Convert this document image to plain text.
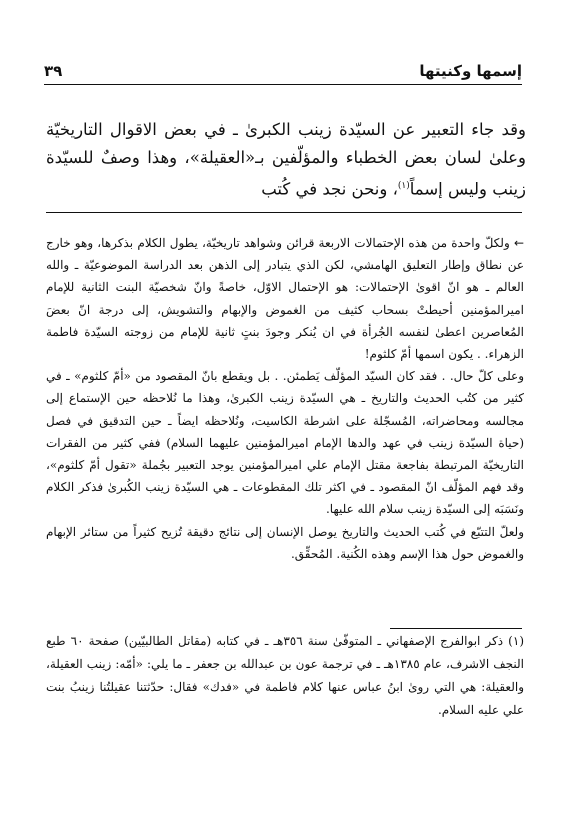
إسمها وكنيتها
٣٩
وقد جاء التعبير عن السيّدة زينب الكبرىٰ ـ في بعض الاقوال التاريخيّة وعلىٰ لسان بعض الخطباء والمؤلّفين بـ«العقيلة»، وهذا وصفٌ للسيّدة زينب وليس إسماً$^{(١)}$، ونحن نجد في كُتب
← ولكلّ واحدة من هذه الإحتمالات الاربعة قرائن وشواهد تاريخيّة، يطول الكلام بذكرها، وهو خارج عن نطاق وإطار التعليق الهامشي، لكن الذي يتبادر إلى الذهن بعد الدراسة الموضوعيّة ـ والله العالم ـ هو انّ اقوىٰ الإحتمالات: هو الإحتمال الاوّل، خاصةً وانّ شخصيّة البنت الثانية للإمام اميرالمؤمنين أحيطتْ بسحاب كثيف من الغموض والإبهام والتشويش، إلى درجة انّ بعضَ المُعاصرين اعطىٰ لنفسه الجُرأة في ان يُنكر وجودَ بنتٍ ثانية للإمام من زوجته السيّدة فاطمة الزهراء. . يكون اسمها أمّ كلثوم!
وعلى كلّ حال. . فقد كان السيّد المؤلّف يَطمئن. . بل ويقطع بانّ المقصود من «أمّ كلثوم» ـ في كثير من كتُب الحديث والتاريخ ـ هي السيّدة زينب الكبرىٰ، وهذا ما نُلاحظه حين الإستماع إلى مجالسه ومحاضراته، المُسجّلة على اشرطة الكاسيت، ونُلاحظه ايضاً ـ حين التدقيق في فصل (حياة السيّدة زينب في عهد والدها الإمام اميرالمؤمنين عليهما السلام) ففي كثير من الفقرات التاريخيّة المرتبطة بفاجعة مقتل الإمام علي اميرالمؤمنين يوجد التعبير بجُملة «تقول أمّ كلثوم»، وقد فهم المؤلّف انّ المقصود ـ في اكثر تلك المقطوعات ـ هي السيّدة زينب الكُبرىٰ فذكر الكلام ونَسَبَه إلى السيّدة زينب سلام الله عليها.
ولعلّ التتبّع في كُتب الحديث والتاريخ يوصل الإنسان إلى نتائج دقيقة تُزيح كثيراً من ستائر الإبهام والغموض حول هذا الإسم وهذه الكُنية. المُحقِّق.
(١) ذكر ابوالفرج الإصفهاني ـ المتوفّىٰ سنة ٣٥٦هـ ـ في كتابه (مقاتل الطالبيّين) صفحة ٦٠ طبع النجف الاشرف، عام ١٣٨٥هـ ـ في ترجمة عون بن عبدالله بن جعفر ـ ما يلي: «أمّه: زينب العقيلة، والعقيلة: هي التي روىٰ ابنُ عباس عنها كلام فاطمة في «فدك» فقال: حدّثتنا عقيلتُنا زينبُ بنت علي عليه السلام.
